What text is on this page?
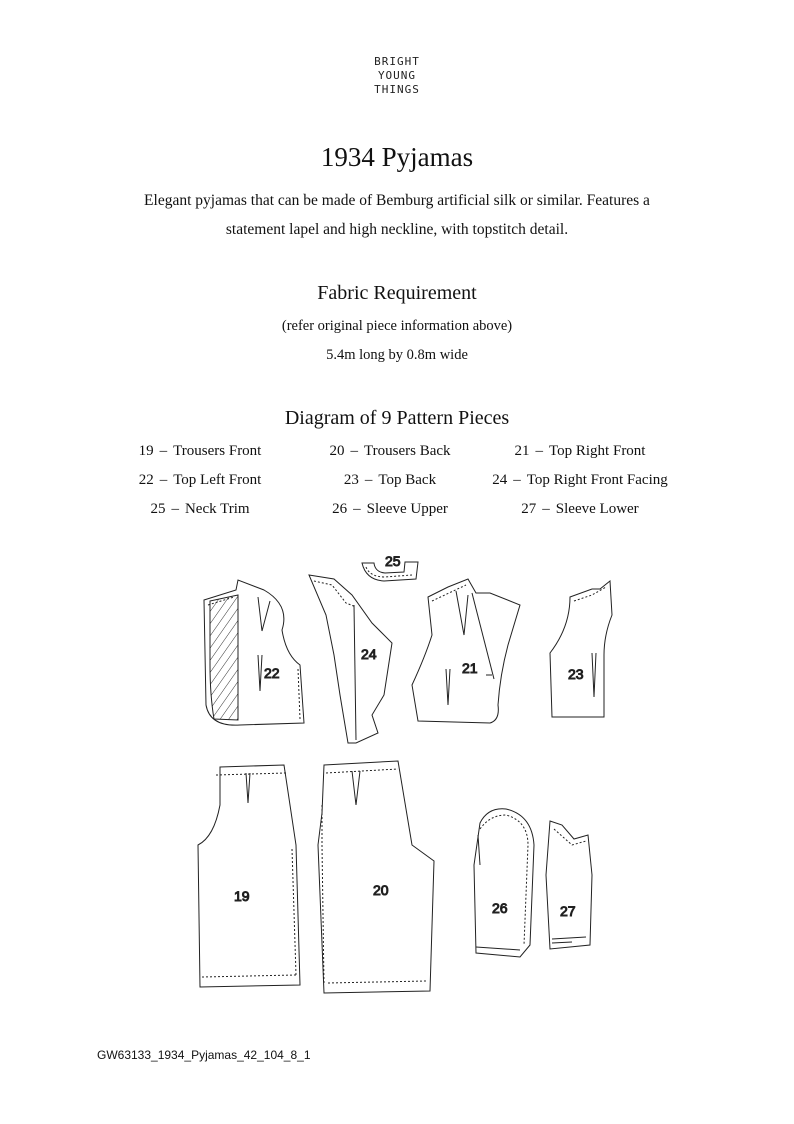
BRIGHT
YOUNG
THINGS
1934 Pyjamas
Elegant pyjamas that can be made of Bemburg artificial silk or similar. Features a
statement lapel and high neckline, with topstitch detail.
Fabric Requirement
(refer original piece information above)
5.4m long by 0.8m wide
Diagram of 9 Pattern Pieces
19 – Trousers Front	20 – Trousers Back	21 – Top Right Front
22 – Top Left Front	23 – Top Back	24 – Top Right Front Facing
25 – Neck Trim	26 – Sleeve Upper	27 – Sleeve Lower
25
22
24
21	23
19	20
26	27
GW63133_1934_Pyjamas_42_104_8_1
